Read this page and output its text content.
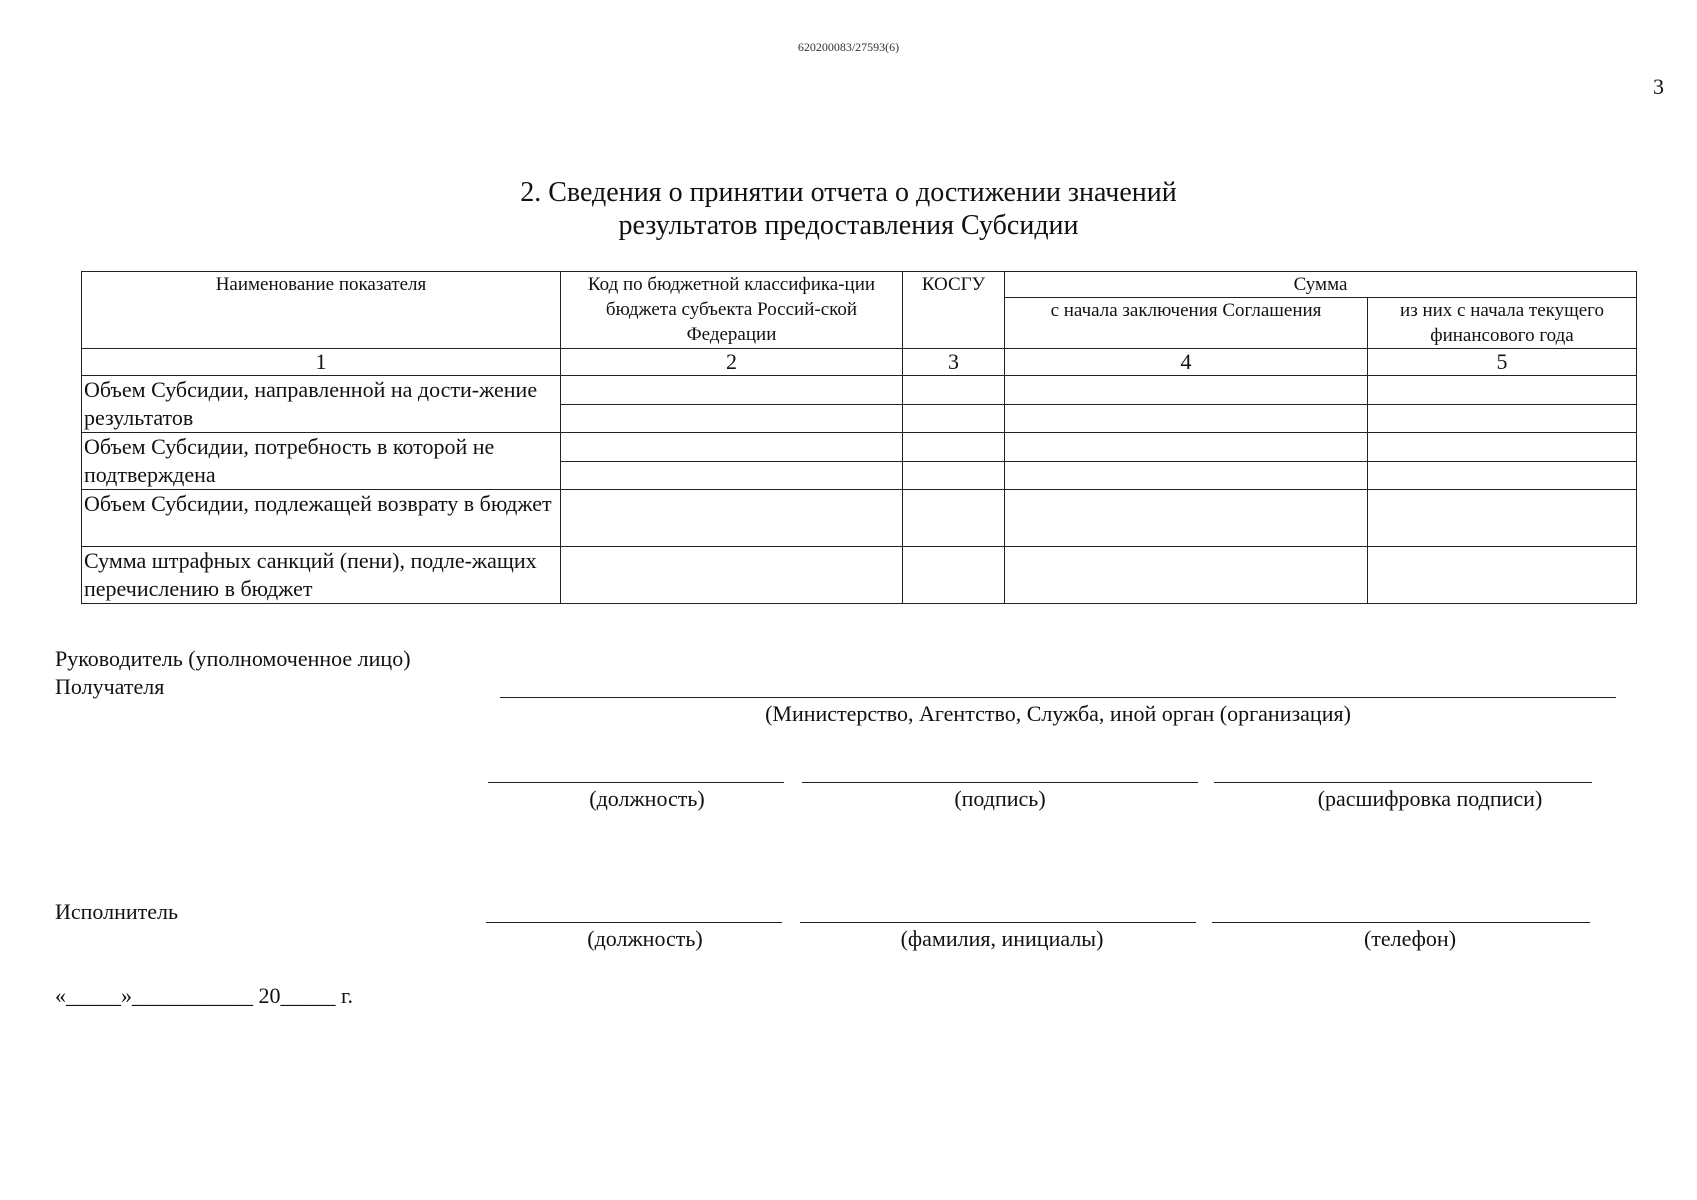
620200083/27593(6)
3
2. Сведения о принятии отчета о достижении значений
результатов предоставления Субсидии
Наименование показателя	Код по бюджетной классифика-ции бюджета субъекта Россий-ской Федерации	КОСГУ	Сумма	
			с начала заключения Соглашения	из них с начала текущего финансового года
1	2	3	4	5
Объем Субсидии, направленной на дости-жение результатов				

Объем Субсидии, потребность в которой не подтверждена				

Объем Субсидии, подлежащей возврату в бюджет				
Сумма штрафных санкций (пени), подле-жащих перечислению в бюджет				
Руководитель (уполномоченное лицо)
Получателя
(Министерство, Агентство, Служба, иной орган (организация)
(должность)	(подпись)	(расшифровка подписи)
Исполнитель
(должность)	(фамилия, инициалы)	(телефон)
«_____»___________ 20_____ г.
